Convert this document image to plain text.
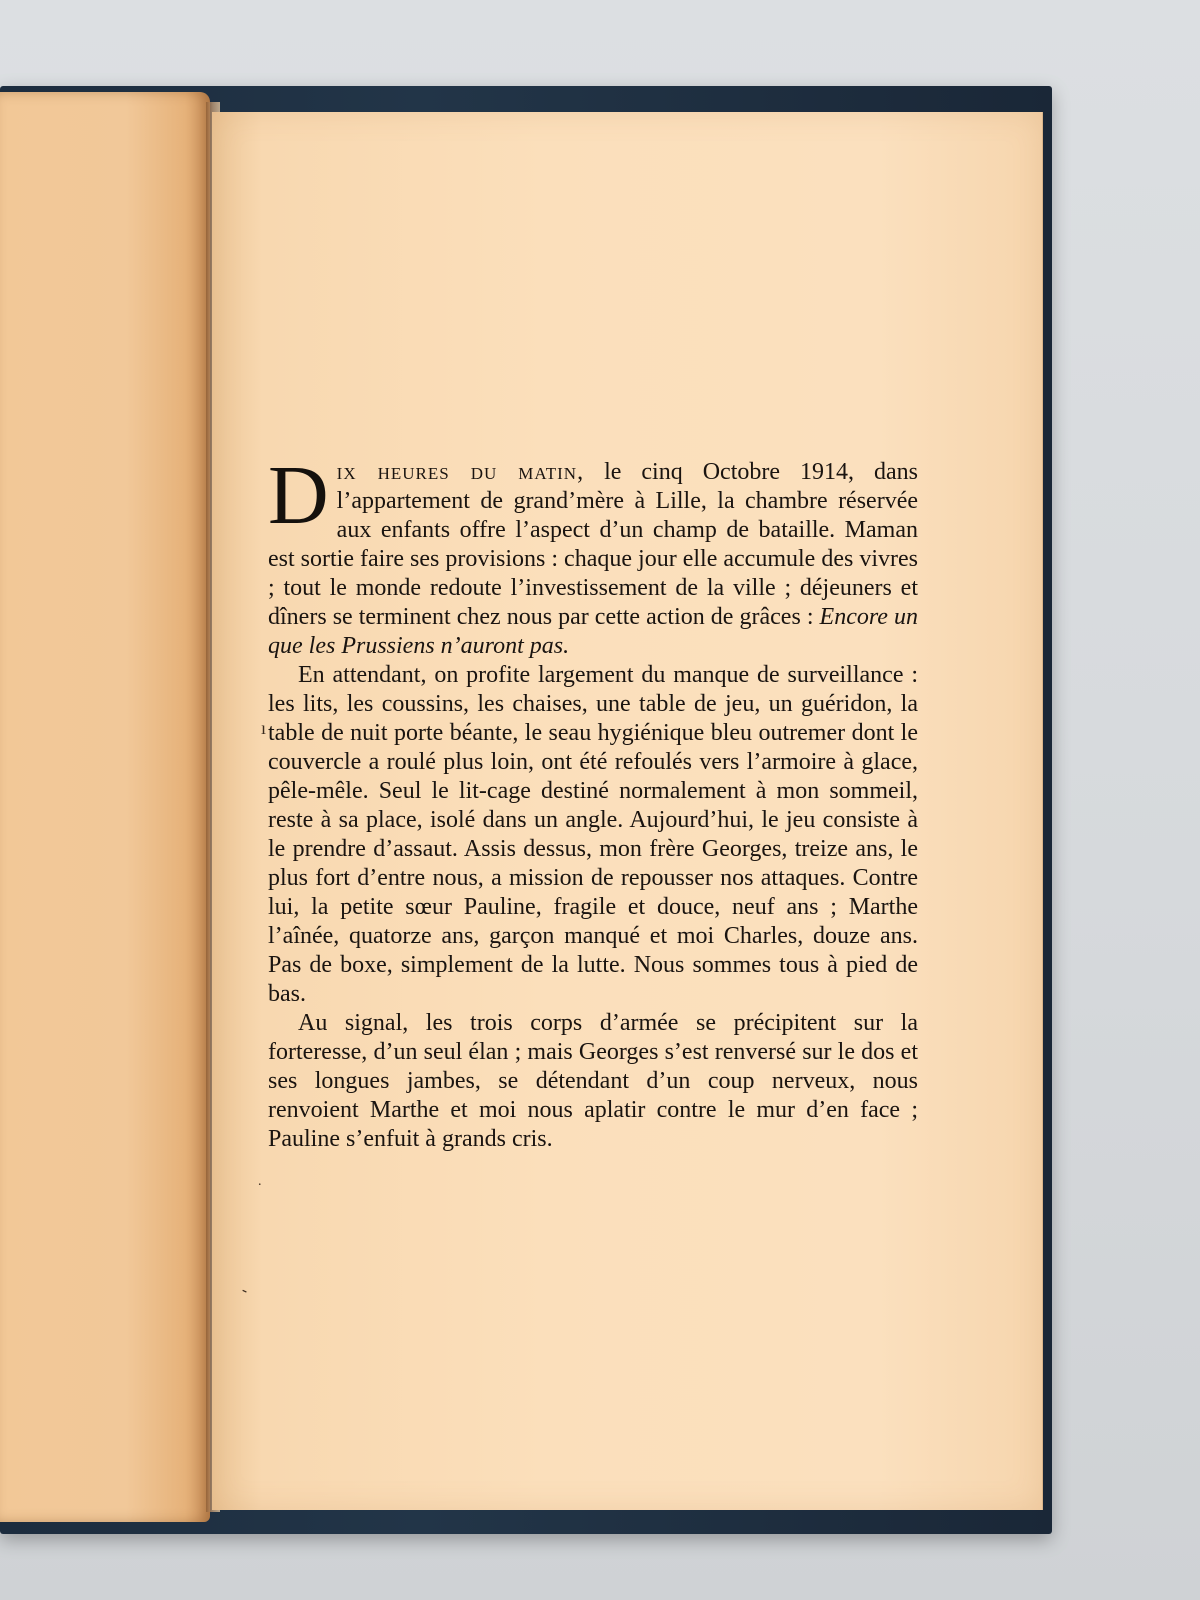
Dix heures du matin, le cinq Octobre 1914, dans l’appartement de grand’mère à Lille, la chambre réservée aux enfants offre l’aspect d’un champ de bataille. Maman est sortie faire ses provisions : chaque jour elle accumule des vivres ; tout le monde redoute l’investissement de la ville ; déjeuners et dîners se terminent chez nous par cette action de grâces : Encore un que les Prussiens n’auront pas.

En attendant, on profite largement du manque de surveillance : les lits, les coussins, les chaises, une table de jeu, un guéridon, la table de nuit porte béante, le seau hygiénique bleu outremer dont le couvercle a roulé plus loin, ont été refoulés vers l’armoire à glace, pêle-mêle. Seul le lit-cage destiné normalement à mon sommeil, reste à sa place, isolé dans un angle. Aujourd’hui, le jeu consiste à le prendre d’assaut. Assis dessus, mon frère Georges, treize ans, le plus fort d’entre nous, a mission de repousser nos attaques. Contre lui, la petite sœur Pauline, fragile et douce, neuf ans ; Marthe l’aînée, quatorze ans, garçon manqué et moi Charles, douze ans. Pas de boxe, simplement de la lutte. Nous sommes tous à pied de bas.

Au signal, les trois corps d’armée se précipitent sur la forteresse, d’un seul élan ; mais Georges s’est renversé sur le dos et ses longues jambes, se détendant d’un coup nerveux, nous renvoient Marthe et moi nous aplatir contre le mur d’en face ; Pauline s’enfuit à grands cris.

ı
.
-
